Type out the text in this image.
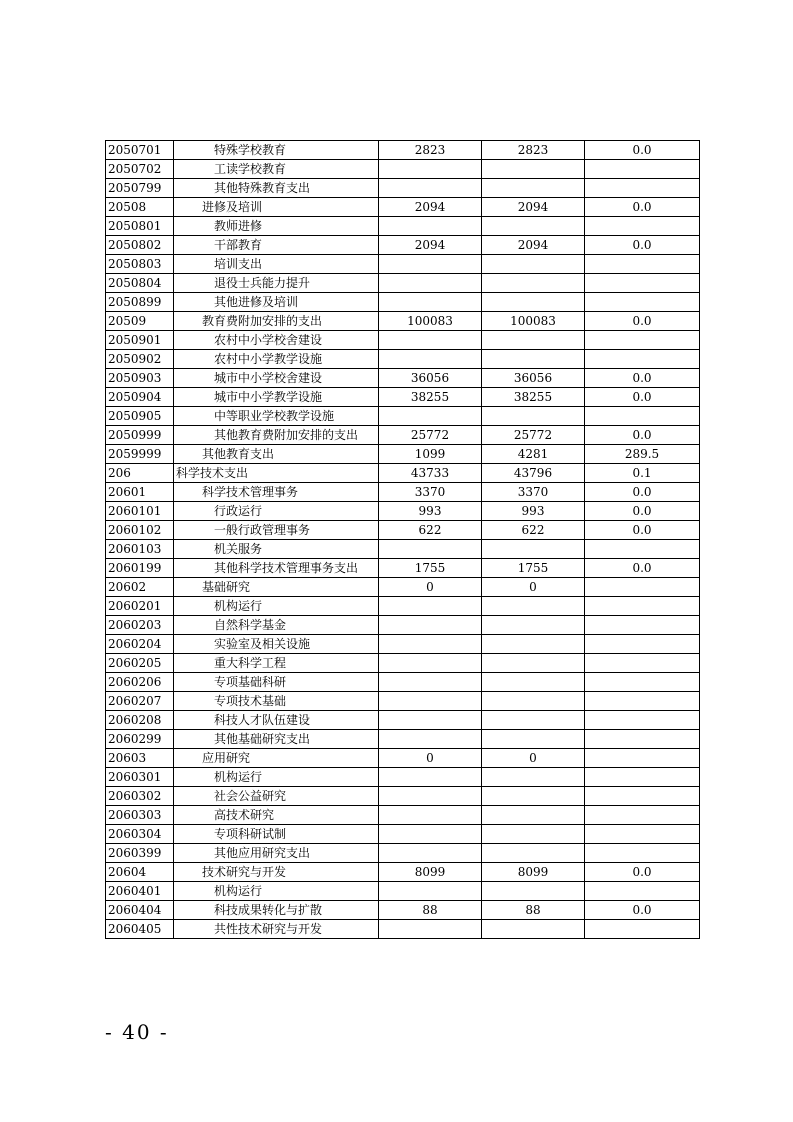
2050701	特殊学校教育	2823	2823	0.0
2050702	工读学校教育			
2050799	其他特殊教育支出			
20508	进修及培训	2094	2094	0.0
2050801	教师进修			
2050802	干部教育	2094	2094	0.0
2050803	培训支出			
2050804	退役士兵能力提升			
2050899	其他进修及培训			
20509	教育费附加安排的支出	100083	100083	0.0
2050901	农村中小学校舍建设			
2050902	农村中小学教学设施			
2050903	城市中小学校舍建设	36056	36056	0.0
2050904	城市中小学教学设施	38255	38255	0.0
2050905	中等职业学校教学设施			
2050999	其他教育费附加安排的支出	25772	25772	0.0
2059999	其他教育支出	1099	4281	289.5
206	科学技术支出	43733	43796	0.1
20601	科学技术管理事务	3370	3370	0.0
2060101	行政运行	993	993	0.0
2060102	一般行政管理事务	622	622	0.0
2060103	机关服务			
2060199	其他科学技术管理事务支出	1755	1755	0.0
20602	基础研究	0	0	
2060201	机构运行			
2060203	自然科学基金			
2060204	实验室及相关设施			
2060205	重大科学工程			
2060206	专项基础科研			
2060207	专项技术基础			
2060208	科技人才队伍建设			
2060299	其他基础研究支出			
20603	应用研究	0	0	
2060301	机构运行			
2060302	社会公益研究			
2060303	高技术研究			
2060304	专项科研试制			
2060399	其他应用研究支出			
20604	技术研究与开发	8099	8099	0.0
2060401	机构运行			
2060404	科技成果转化与扩散	88	88	0.0
2060405	共性技术研究与开发			
- 40 -
